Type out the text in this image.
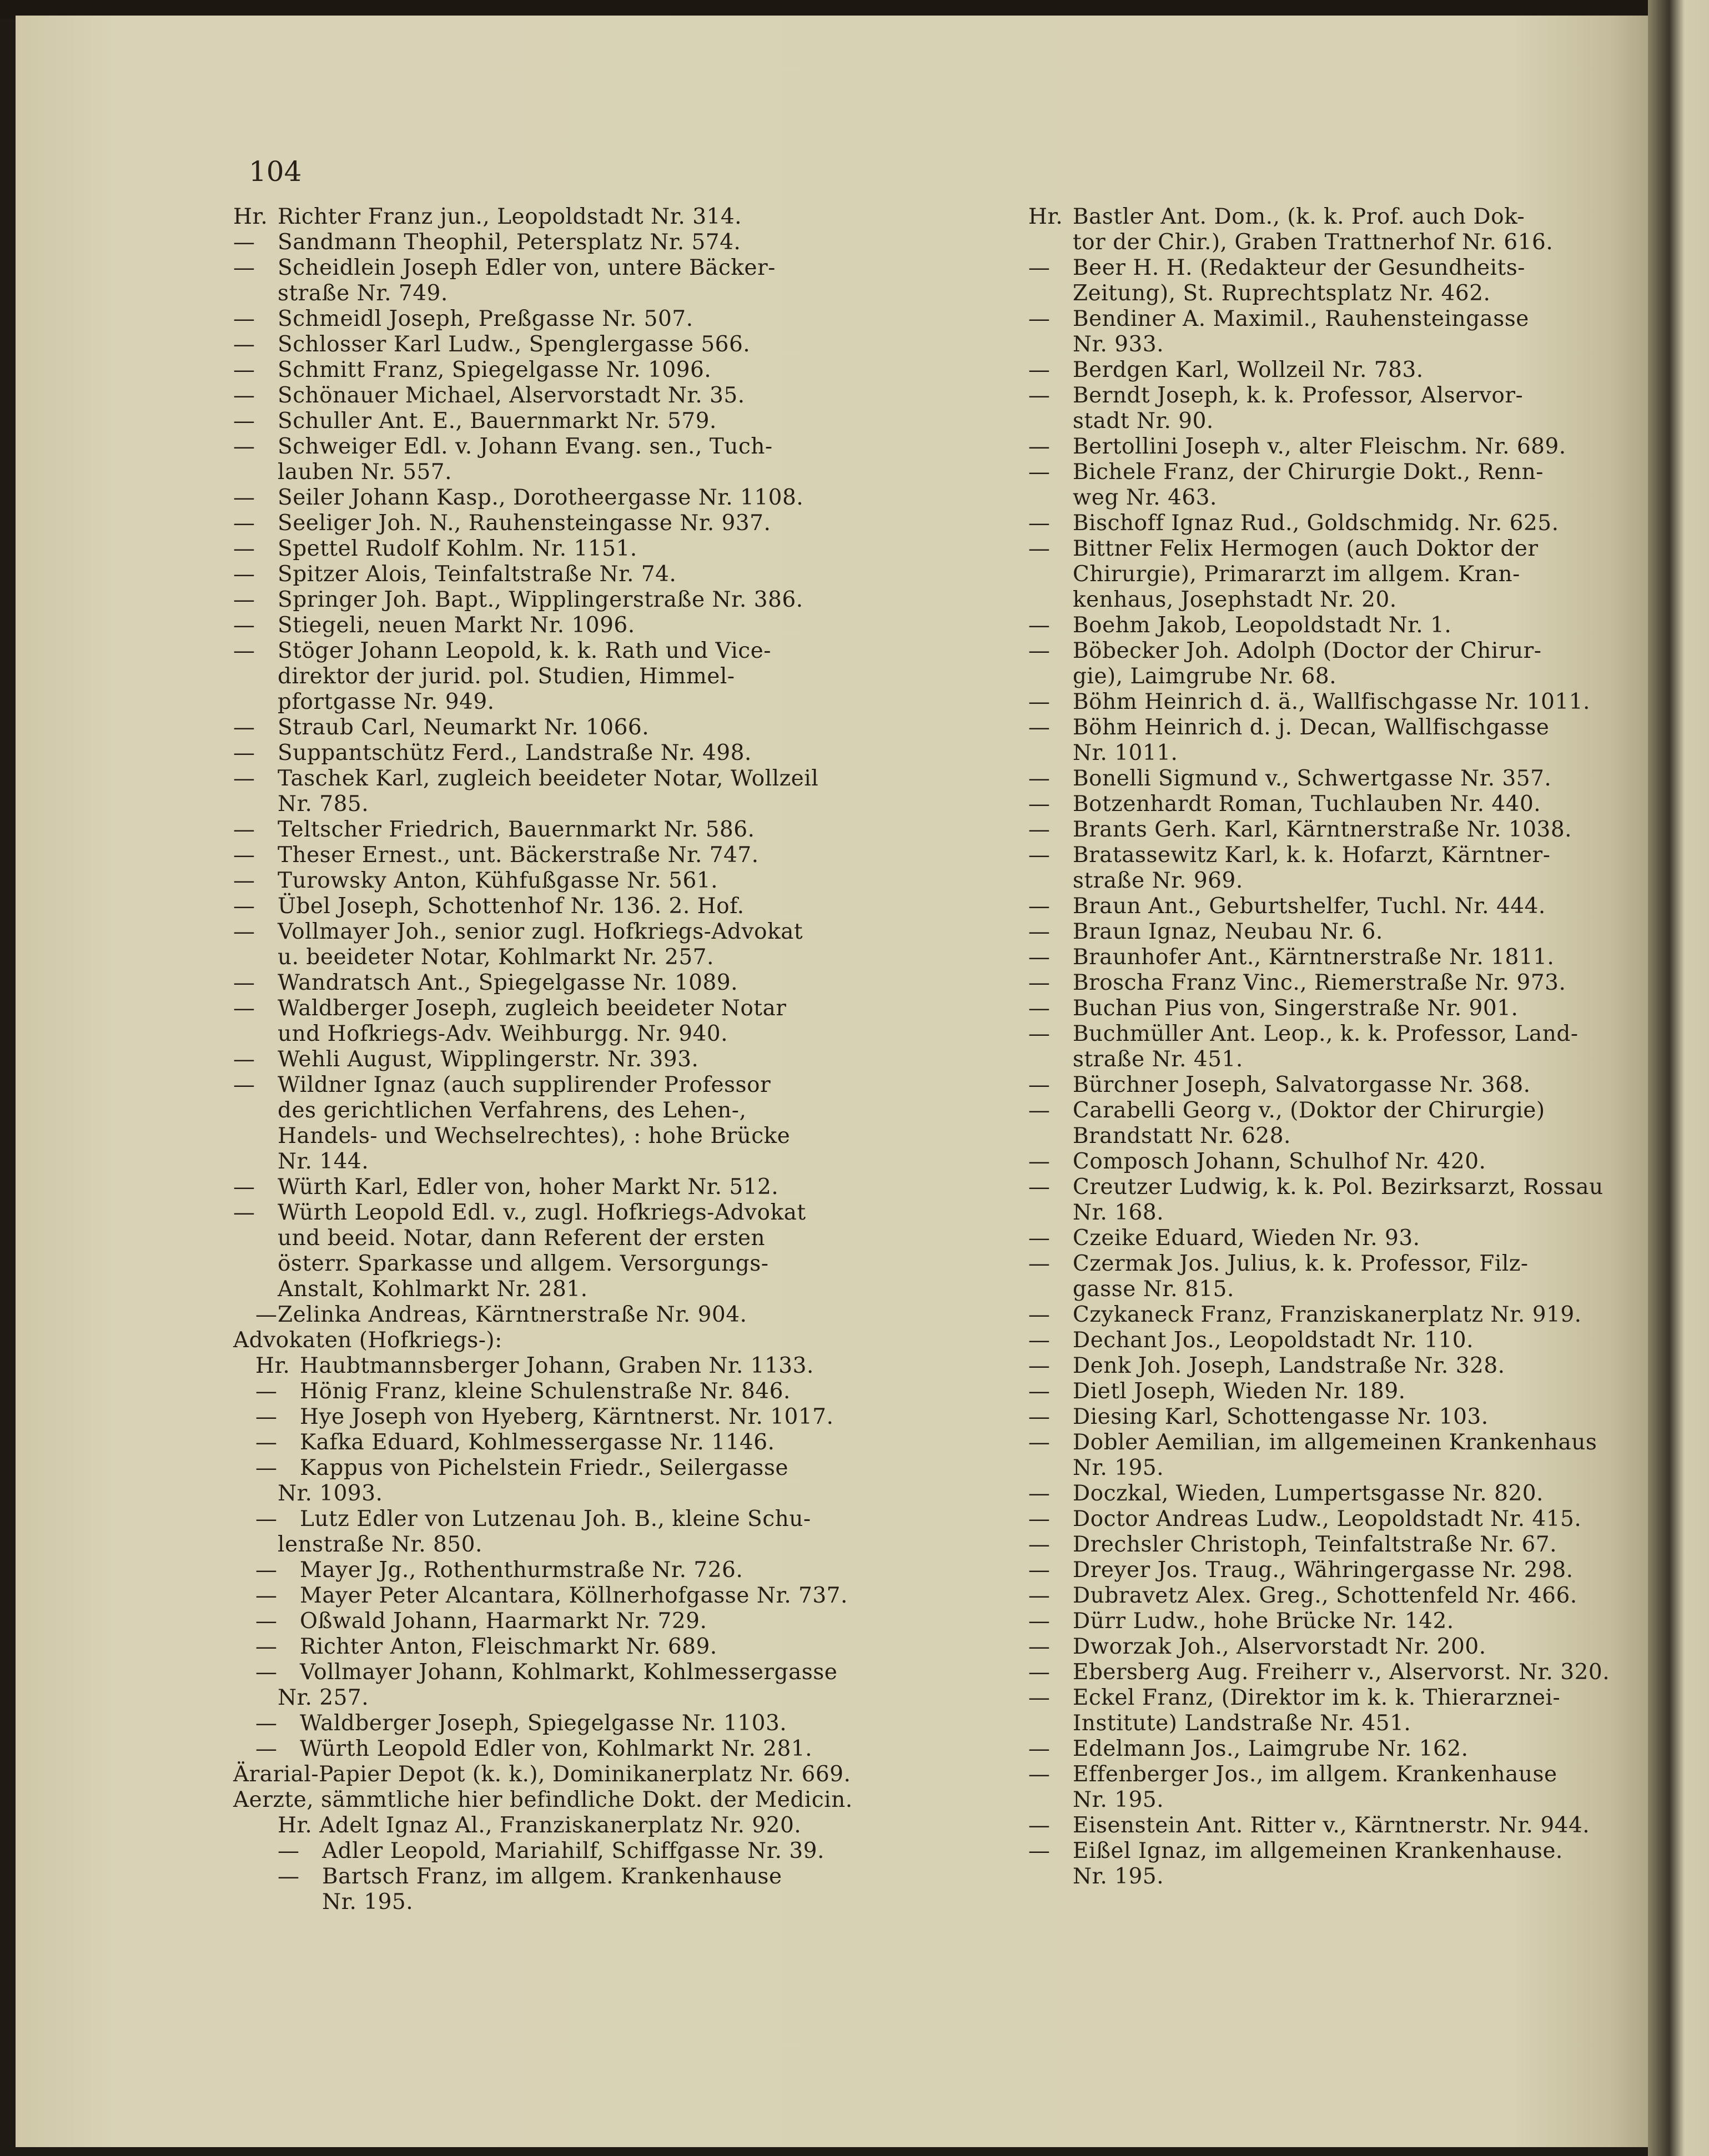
104
Hr. Richter Franz jun., Leopoldstadt Nr. 314.
— Sandmann Theophil, Petersplatz Nr. 574.
— Scheidlein Joseph Edler von, untere Bäcker-
straße Nr. 749.
— Schmeidl Joseph, Preßgasse Nr. 507.
— Schlosser Karl Ludw., Spenglergasse 566.
— Schmitt Franz, Spiegelgasse Nr. 1096.
— Schönauer Michael, Alservorstadt Nr. 35.
— Schuller Ant. E., Bauernmarkt Nr. 579.
— Schweiger Edl. v. Johann Evang. sen., Tuch-
lauben Nr. 557.
— Seiler Johann Kasp., Dorotheergasse Nr. 1108.
— Seeliger Joh. N., Rauhensteingasse Nr. 937.
— Spettel Rudolf Kohlm. Nr. 1151.
— Spitzer Alois, Teinfaltstraße Nr. 74.
— Springer Joh. Bapt., Wipplingerstraße Nr. 386.
— Stiegeli, neuen Markt Nr. 1096.
— Stöger Johann Leopold, k. k. Rath und Vice-
direktor der jurid. pol. Studien, Himmel-
pfortgasse Nr. 949.
— Straub Carl, Neumarkt Nr. 1066.
— Suppantschütz Ferd., Landstraße Nr. 498.
— Taschek Karl, zugleich beeideter Notar, Wollzeil
Nr. 785.
— Teltscher Friedrich, Bauernmarkt Nr. 586.
— Theser Ernest., unt. Bäckerstraße Nr. 747.
— Turowsky Anton, Kühfußgasse Nr. 561.
— Übel Joseph, Schottenhof Nr. 136. 2. Hof.
— Vollmayer Joh., senior zugl. Hofkriegs-Advokat
u. beeideter Notar, Kohlmarkt Nr. 257.
— Wandratsch Ant., Spiegelgasse Nr. 1089.
— Waldberger Joseph, zugleich beeideter Notar
und Hofkriegs-Adv. Weihburgg. Nr. 940.
— Wehli August, Wipplingerstr. Nr. 393.
— Wildner Ignaz (auch supplirender Professor
des gerichtlichen Verfahrens, des Lehen-,
Handels- und Wechselrechtes), : hohe Brücke
Nr. 144.
— Würth Karl, Edler von, hoher Markt Nr. 512.
— Würth Leopold Edl. v., zugl. Hofkriegs-Advokat
und beeid. Notar, dann Referent der ersten
österr. Sparkasse und allgem. Versorgungs-
Anstalt, Kohlmarkt Nr. 281.
—Zelinka Andreas, Kärntnerstraße Nr. 904.
Advokaten (Hofkriegs-):
Hr. Haubtmannsberger Johann, Graben Nr. 1133.
— Hönig Franz, kleine Schulenstraße Nr. 846.
— Hye Joseph von Hyeberg, Kärntnerst. Nr. 1017.
— Kafka Eduard, Kohlmessergasse Nr. 1146.
— Kappus von Pichelstein Friedr., Seilergasse
Nr. 1093.
— Lutz Edler von Lutzenau Joh. B., kleine Schu-
lenstraße Nr. 850.
— Mayer Jg., Rothenthurmstraße Nr. 726.
— Mayer Peter Alcantara, Köllnerhofgasse Nr. 737.
— Oßwald Johann, Haarmarkt Nr. 729.
— Richter Anton, Fleischmarkt Nr. 689.
— Vollmayer Johann, Kohlmarkt, Kohlmessergasse
Nr. 257.
— Waldberger Joseph, Spiegelgasse Nr. 1103.
— Würth Leopold Edler von, Kohlmarkt Nr. 281.
Ärarial-Papier Depot (k. k.), Dominikanerplatz Nr. 669.
Aerzte, sämmtliche hier befindliche Dokt. der Medicin.
Hr. Adelt Ignaz Al., Franziskanerplatz Nr. 920.
—Adler Leopold, Mariahilf, Schiffgasse Nr. 39.
—Bartsch Franz, im allgem. Krankenhause
Nr. 195.
Hr. Bastler Ant. Dom., (k. k. Prof. auch Dok-
tor der Chir.), Graben Trattnerhof Nr. 616.
— Beer H. H. (Redakteur der Gesundheits-
Zeitung), St. Ruprechtsplatz Nr. 462.
— Bendiner A. Maximil., Rauhensteingasse
Nr. 933.
— Berdgen Karl, Wollzeil Nr. 783.
— Berndt Joseph, k. k. Professor, Alservor-
stadt Nr. 90.
— Bertollini Joseph v., alter Fleischm. Nr. 689.
— Bichele Franz, der Chirurgie Dokt., Renn-
weg Nr. 463.
— Bischoff Ignaz Rud., Goldschmidg. Nr. 625.
— Bittner Felix Hermogen (auch Doktor der
Chirurgie), Primararzt im allgem. Kran-
kenhaus, Josephstadt Nr. 20.
— Boehm Jakob, Leopoldstadt Nr. 1.
— Böbecker Joh. Adolph (Doctor der Chirur-
gie), Laimgrube Nr. 68.
— Böhm Heinrich d. ä., Wallfischgasse Nr. 1011.
— Böhm Heinrich d. j. Decan, Wallfischgasse
Nr. 1011.
— Bonelli Sigmund v., Schwertgasse Nr. 357.
— Botzenhardt Roman, Tuchlauben Nr. 440.
— Brants Gerh. Karl, Kärntnerstraße Nr. 1038.
— Bratassewitz Karl, k. k. Hofarzt, Kärntner-
straße Nr. 969.
— Braun Ant., Geburtshelfer, Tuchl. Nr. 444.
— Braun Ignaz, Neubau Nr. 6.
— Braunhofer Ant., Kärntnerstraße Nr. 1811.
— Broscha Franz Vinc., Riemerstraße Nr. 973.
— Buchan Pius von, Singerstraße Nr. 901.
— Buchmüller Ant. Leop., k. k. Professor, Land-
straße Nr. 451.
— Bürchner Joseph, Salvatorgasse Nr. 368.
— Carabelli Georg v., (Doktor der Chirurgie)
Brandstatt Nr. 628.
— Composch Johann, Schulhof Nr. 420.
— Creutzer Ludwig, k. k. Pol. Bezirksarzt, Rossau
Nr. 168.
— Czeike Eduard, Wieden Nr. 93.
— Czermak Jos. Julius, k. k. Professor, Filz-
gasse Nr. 815.
— Czykaneck Franz, Franziskanerplatz Nr. 919.
— Dechant Jos., Leopoldstadt Nr. 110.
— Denk Joh. Joseph, Landstraße Nr. 328.
— Dietl Joseph, Wieden Nr. 189.
— Diesing Karl, Schottengasse Nr. 103.
— Dobler Aemilian, im allgemeinen Krankenhaus
Nr. 195.
— Doczkal, Wieden, Lumpertsgasse Nr. 820.
— Doctor Andreas Ludw., Leopoldstadt Nr. 415.
— Drechsler Christoph, Teinfaltstraße Nr. 67.
— Dreyer Jos. Traug., Währingergasse Nr. 298.
— Dubravetz Alex. Greg., Schottenfeld Nr. 466.
— Dürr Ludw., hohe Brücke Nr. 142.
— Dworzak Joh., Alservorstadt Nr. 200.
— Ebersberg Aug. Freiherr v., Alservorst. Nr. 320.
— Eckel Franz, (Direktor im k. k. Thierarznei-
Institute) Landstraße Nr. 451.
— Edelmann Jos., Laimgrube Nr. 162.
— Effenberger Jos., im allgem. Krankenhause
Nr. 195.
— Eisenstein Ant. Ritter v., Kärntnerstr. Nr. 944.
— Eißel Ignaz, im allgemeinen Krankenhause.
Nr. 195.
